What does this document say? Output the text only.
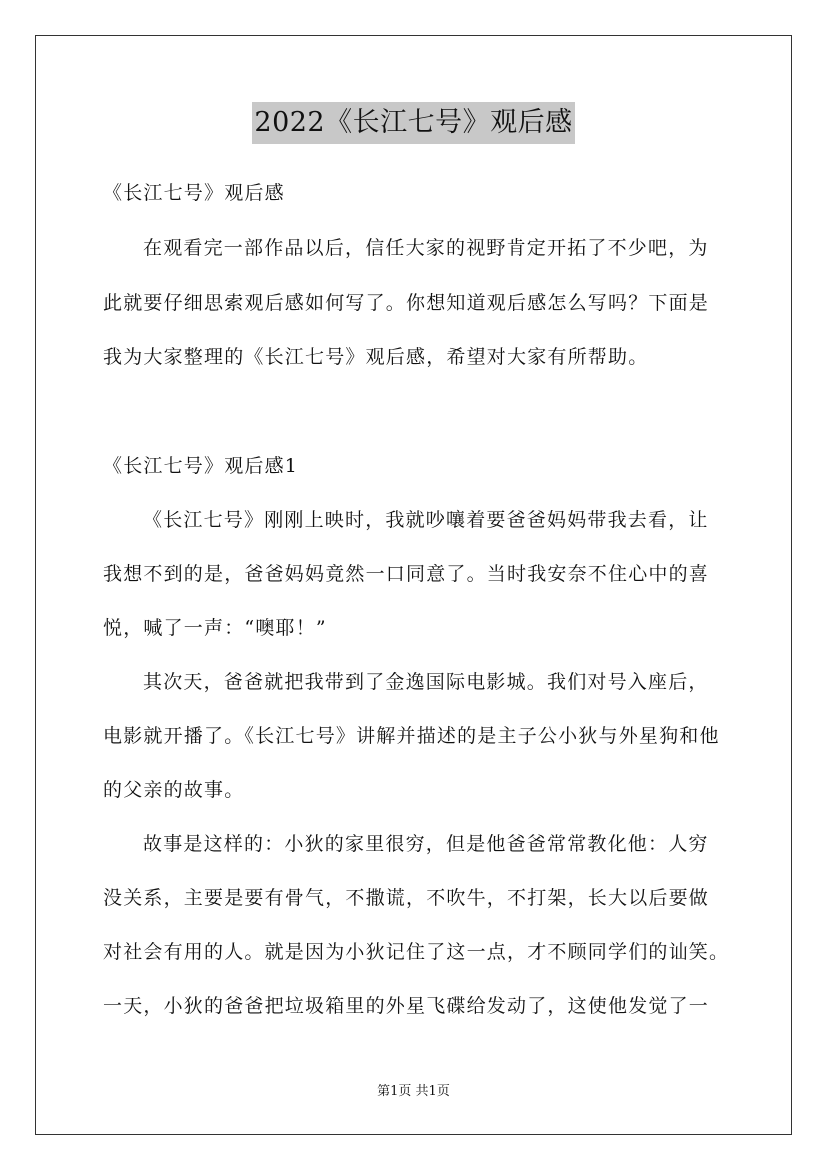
2022《长江七号》观后感
《长江七号》观后感
在观看完一部作品以后，信任大家的视野肯定开拓了不少吧，为
此就要仔细思索观后感如何写了。你想知道观后感怎么写吗？下面是
我为大家整理的《长江七号》观后感，希望对大家有所帮助。
《长江七号》观后感1
《长江七号》刚刚上映时，我就吵嚷着要爸爸妈妈带我去看，让
我想不到的是，爸爸妈妈竟然一口同意了。当时我安奈不住心中的喜
悦，喊了一声：“噢耶！”
其次天，爸爸就把我带到了金逸国际电影城。我们对号入座后，
电影就开播了。《长江七号》讲解并描述的是主子公小狄与外星狗和他
的父亲的故事。
故事是这样的：小狄的家里很穷，但是他爸爸常常教化他：人穷
没关系，主要是要有骨气，不撒谎，不吹牛，不打架，长大以后要做
对社会有用的人。就是因为小狄记住了这一点，才不顾同学们的讪笑。
一天，小狄的爸爸把垃圾箱里的外星飞碟给发动了，这使他发觉了一
第1页 共1页
